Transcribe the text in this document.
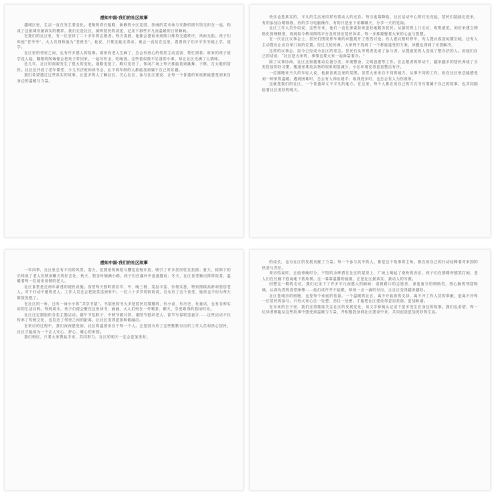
感知中国·我们的社区故事

越城区里，生活一直在发生着变化。老街的青石板路、新修的小区花园、热闹的菜市场与安静的图书馆交织在一起，构成了这座城市最真实的模样。我们走进社区，倾听居民的讲述，记录下那些平凡而温暖的日常瞬间。

在我们的社区里，有一位坚持了二十多年的志愿者。每天清晨，他都会提前来到路口维持交通秩序，风雨无阻。孩子们叫他“老爷爷”，大人们则称他为“老班长”。他说，只要还能走得动，就会一直站在这里，看着孩子们平平安安地上学、放学。

社区里的邻里之间，也有许多感人的故事。谁家有老人生病了，总会有热心的邻居主动送饭、帮忙照看；谁家的孩子放学没人接，隔壁的阿姨便会把孩子带回家，一起写作业、吃晚饭。这些看似微不足道的小事，却让社区充满了人情味。

近几年，社区的面貌发生了很大的变化。道路变宽了，路灯变亮了，休闲广场上每天都能看到跳舞、下棋、打太极的居民。社区还开设了老年课堂、少儿书法班和读书会，让不同年龄的人都能找到属于自己的乐趣。

我们希望通过这些真实的故事，让更多的人了解社区、关心社区、参与社区建设，让每一个普通的家庭都能感受到来自身边的温暖与力量。

快乐也是真实的，平凡的生活里同样有着动人的光彩。每当夜幕降临，社区活动中心的灯光亮起，居民们陆续走进来，有的参加合唱排练，有的学习电脑操作，有的只是坐下来聊聊天，分享一天的见闻。

社区工作人员介绍说，这些年来，他们一直在探索如何更好地服务居民。从最初的上门走访、收集意见，到后来建立网格化管理制度，再到如今利用网络平台及时回应居民诉求，每一步都凝聚着大家的心血与智慧。

在一次社区议事会上，居民们围绕停车难的问题展开了热烈讨论。有人建议错时停车，有人提议改造闲置空地，还有人主动提出让出自家门前的位置。经过几轮协商，大家终于找到了一个都能接受的方案，问题也得到了妥善解决。

这样的议事会，如今已经成为社区的常态。居民们从旁观者变成了参与者，从提意见的人变成了想办法的人。用他们自己的话说：“社区是大家的，事情也要大家一起商量着办。”

除了议事协商，社区还积极推动垃圾分类、环境整治、文明创建等工作。在志愿者的带动下，越来越多的居民养成了分类投放的好习惯，楼道里堆放杂物的现象明显减少，小区环境变得更加整洁有序。

一位刚搬来不久的年轻人说，他最喜欢这里的氛围。虽然大家来自不同的地方，从事不同的工作，但在社区里总能感受到一种家的温暖。遇到困难时，总会有人伸出援手；取得进步时，也总会有人为你鼓掌。

这就是我们的社区，一个普通却又不平凡的地方。在这里，每个人都在用自己的方式书写着属于自己的故事，也共同描绘着社区美好的明天。

感知中国·我们的社区故事

一年四季，社区里总有不同的风景。春天，花园里的海棠与樱花竞相开放，吸引了许多居民驻足拍照；夏天，树荫下的长椅成了老人们纳凉聊天的好去处；秋天，银杏叶铺满小路，孩子们在落叶中追逐嬉戏；冬天，社区食堂飘出阵阵饭香，温暖着每一位前来用餐的老人。

社区食堂是近两年新建的便民设施。食堂每天按时供应早、中、晚三餐，菜品丰富、价格实惠，特别照顾高龄和独居老人。对于行动不便的老人，工作人员还会把饭菜送到家中。一位八十多岁的奶奶说，自从有了这个食堂，她再也不用为每天做饭发愁了。

在社区的一角，还有一间小小的“共享书屋”。书屋里的书大多是居民们捐赠的，有小说、有历史、有童话，也有各种实用的生活百科。每到周末，孩子们便会聚在这里读书、画画，大人们则在一旁喝茶、聊天，享受难得的悠闲时光。

社区还定期组织各类主题活动。端午节包粽子、中秋节做月饼、重阳节慰问老人、春节写春联送福字……这些活动不仅传承了传统文化，也拉近了邻里之间的距离，让社区变得更加和谐融洽。

在采访的过程中，我们深深感受到，社区的温度来自于每一个人。正是因为有了这些默默付出的工作人员和热心居民，社区才能成为一个让人安心、舒心、暖心的家园。

我们相信，只要大家携起手来，共同努力，社区的明天一定会更加美好。

的成长，也为社区的发展贡献了力量。每一个参与其中的人，都是这个故事的主角，都在用自己的行动诠释着对家园的热爱与责任。

采访结束时，正值傍晚时分。夕阳的余晖洒在社区的屋顶上，广场上响起了欢快的音乐，孩子们在滑梯旁嬉笑打闹，老人们在长廊下悠闲地下着象棋。这一幕幕温馨的画面，正是社区最真实、最动人的写照。

回想这一路的走访，我们记录下了许多平凡而感人的瞬间：清晨路口的志愿者，深夜值守的网格员，热心肠的邻居阿姨，认真负责的食堂师傅……他们或许并不起眼，却用一点一滴的付出，让社区变得越来越好。

社区是城市的细胞，也是每个家庭的依靠。一个温暖的社区，离不开政府的支持，离不开工作人员的奉献，更离不开每一位居民的参与。只有大家心往一处想、劲往一处使，才能把社区建设得更加美丽、更加和谐。

在未来的日子里，我们还将继续关注社区的发展变化，用文字和镜头记录下更多发生在身边的故事。我们也希望，每一位读者都能从这些故事中感受到温暖与力量，并积极投身到社区建设中来，共同创造更加美好的生活。
